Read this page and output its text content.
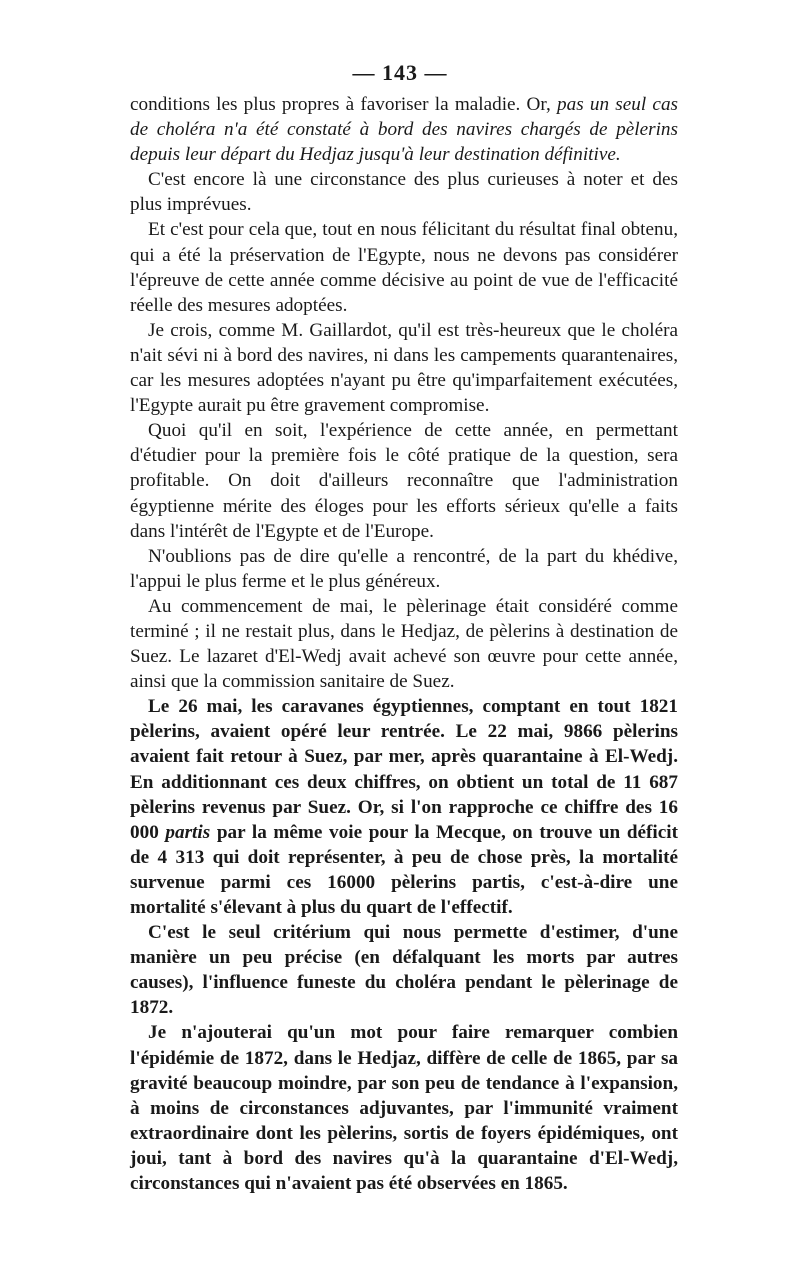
— 143 —

conditions les plus propres à favoriser la maladie. Or, pas un seul cas de choléra n'a été constaté à bord des navires chargés de pèlerins depuis leur départ du Hedjaz jusqu'à leur destination définitive.

C'est encore là une circonstance des plus curieuses à noter et des plus imprévues.

Et c'est pour cela que, tout en nous félicitant du résultat final obtenu, qui a été la préservation de l'Egypte, nous ne devons pas considérer l'épreuve de cette année comme décisive au point de vue de l'efficacité réelle des mesures adoptées.

Je crois, comme M. Gaillardot, qu'il est très-heureux que le choléra n'ait sévi ni à bord des navires, ni dans les campements quarantenaires, car les mesures adoptées n'ayant pu être qu'imparfaitement exécutées, l'Egypte aurait pu être gravement compromise.

Quoi qu'il en soit, l'expérience de cette année, en permettant d'étudier pour la première fois le côté pratique de la question, sera profitable. On doit d'ailleurs reconnaître que l'administration égyptienne mérite des éloges pour les efforts sérieux qu'elle a faits dans l'intérêt de l'Egypte et de l'Europe.

N'oublions pas de dire qu'elle a rencontré, de la part du khédive, l'appui le plus ferme et le plus généreux.

Au commencement de mai, le pèlerinage était considéré comme terminé ; il ne restait plus, dans le Hedjaz, de pèlerins à destination de Suez. Le lazaret d'El-Wedj avait achevé son œuvre pour cette année, ainsi que la commission sanitaire de Suez.

Le 26 mai, les caravanes égyptiennes, comptant en tout 1821 pèlerins, avaient opéré leur rentrée. Le 22 mai, 9866 pèlerins avaient fait retour à Suez, par mer, après quarantaine à El-Wedj. En additionnant ces deux chiffres, on obtient un total de 11 687 pèlerins revenus par Suez. Or, si l'on rapproche ce chiffre des 16 000 partis par la même voie pour la Mecque, on trouve un déficit de 4 313 qui doit représenter, à peu de chose près, la mortalité survenue parmi ces 16000 pèlerins partis, c'est-à-dire une mortalité s'élevant à plus du quart de l'effectif.

C'est le seul critérium qui nous permette d'estimer, d'une manière un peu précise (en défalquant les morts par autres causes), l'influence funeste du choléra pendant le pèlerinage de 1872.

Je n'ajouterai qu'un mot pour faire remarquer combien l'épidémie de 1872, dans le Hedjaz, diffère de celle de 1865, par sa gravité beaucoup moindre, par son peu de tendance à l'expansion, à moins de circonstances adjuvantes, par l'immunité vraiment extraordinaire dont les pèlerins, sortis de foyers épidémiques, ont joui, tant à bord des navires qu'à la quarantaine d'El-Wedj, circonstances qui n'avaient pas été observées en 1865.
